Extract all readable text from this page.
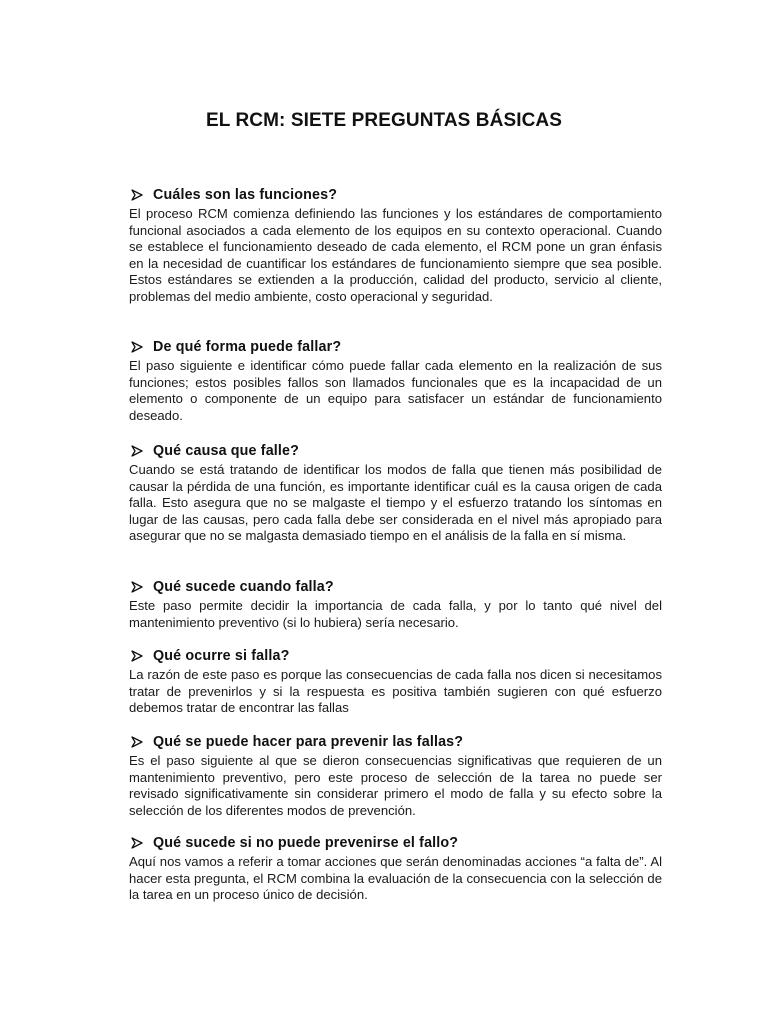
EL RCM: SIETE PREGUNTAS BÁSICAS
Cuáles son las funciones?

El proceso RCM comienza definiendo las funciones y los estándares de comportamiento funcional asociados a cada elemento de los equipos en su contexto operacional. Cuando se establece el funcionamiento deseado de cada elemento, el RCM pone un gran énfasis en la necesidad de cuantificar los estándares de funcionamiento siempre que sea posible. Estos estándares se extienden a la producción, calidad del producto, servicio al cliente, problemas del medio ambiente, costo operacional y seguridad.

De qué forma puede fallar?

El paso siguiente e identificar cómo puede fallar cada elemento en la realización de sus funciones; estos posibles fallos son llamados funcionales que es la incapacidad de un elemento o componente de un equipo para satisfacer un estándar de funcionamiento deseado.

Qué causa que falle?

Cuando se está tratando de identificar los modos de falla que tienen más posibilidad de causar la pérdida de una función, es importante identificar cuál es la causa origen de cada falla. Esto asegura que no se malgaste el tiempo y el esfuerzo tratando los síntomas en lugar de las causas, pero cada falla debe ser considerada en el nivel más apropiado para asegurar que no se malgasta demasiado tiempo en el análisis de la falla en sí misma.

Qué sucede cuando falla?

Este paso permite decidir la importancia de cada falla, y por lo tanto qué nivel del mantenimiento preventivo (si lo hubiera) sería necesario.

Qué ocurre si falla?

La razón de este paso es porque las consecuencias de cada falla nos dicen si necesitamos tratar de prevenirlos y si la respuesta es positiva también sugieren con qué esfuerzo debemos tratar de encontrar las fallas

Qué se puede hacer para prevenir las fallas?

Es el paso siguiente al que se dieron consecuencias significativas que requieren de un mantenimiento preventivo, pero este proceso de selección de la tarea no puede ser revisado significativamente sin considerar primero el modo de falla y su efecto sobre la selección de los diferentes modos de prevención.

Qué sucede si no puede prevenirse el fallo?

Aquí nos vamos a referir a tomar acciones que serán denominadas acciones “a falta de”. Al hacer esta pregunta, el RCM combina la evaluación de la consecuencia con la selección de la tarea en un proceso único de decisión.
